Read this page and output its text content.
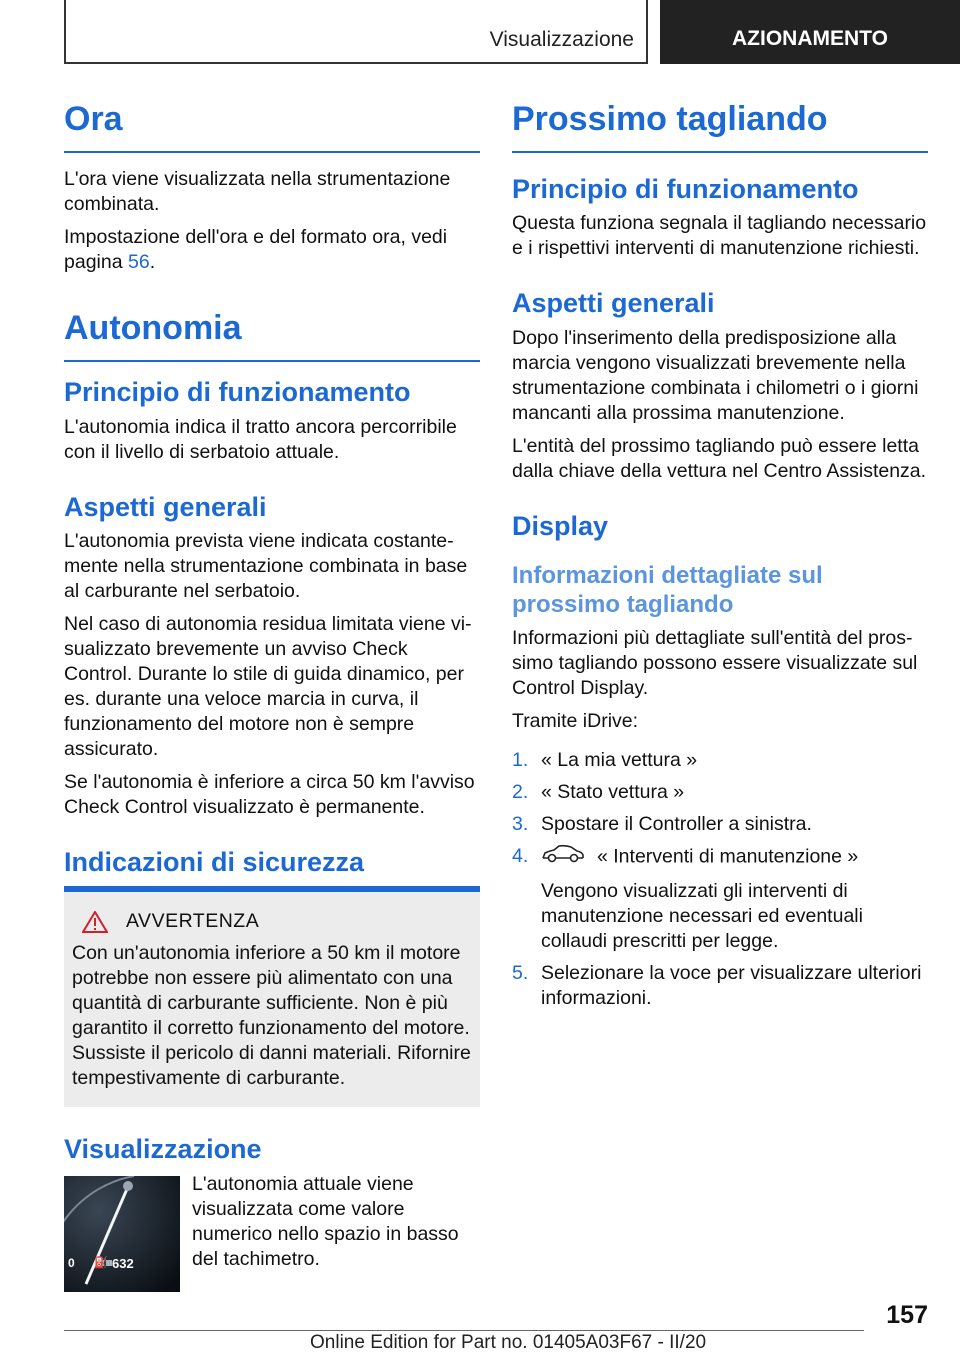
Visualizzazione	AZIONAMENTO
Ora

L'ora viene visualizzata nella strumentazione combinata.

Impostazione dell'ora e del formato ora, vedi pagina 56.

Autonomia
Principio di funzionamento

L'autonomia indica il tratto ancora percorribile con il livello di serbatoio attuale.

Aspetti generali

L'autonomia prevista viene indicata costantemente nella strumentazione combinata in base al carburante nel serbatoio.

Nel caso di autonomia residua limitata viene visualizzato brevemente un avviso Check Control. Durante lo stile di guida dinamico, per es. durante una veloce marcia in curva, il funzionamento del motore non è sempre assicurato.

Se l'autonomia è inferiore a circa 50 km l'avviso Check Control visualizzato è permanente.

Indicazioni di sicurezza
AVVERTENZA

Con un'autonomia inferiore a 50 km il motore potrebbe non essere più alimentato con una quantità di carburante sufficiente. Non è più garantito il corretto funzionamento del motore. Sussiste il pericolo di danni materiali. Rifornire tempestivamente di carburante.

Visualizzazione
0 ⛽ 632

L'autonomia attuale viene visualizzata come valore numerico nello spazio in basso del tachimetro.

Prossimo tagliando
Principio di funzionamento

Questa funziona segnala il tagliando necessario e i rispettivi interventi di manutenzione richiesti.

Aspetti generali

Dopo l'inserimento della predisposizione alla marcia vengono visualizzati brevemente nella strumentazione combinata i chilometri o i giorni mancanti alla prossima manutenzione.

L'entità del prossimo tagliando può essere letta dalla chiave della vettura nel Centro Assistenza.

Display
Informazioni dettagliate sul prossimo tagliando

Informazioni più dettagliate sull'entità del prossimo tagliando possono essere visualizzate sul Control Display.

Tramite iDrive:

1. « La mia vettura »
2. « Stato vettura »
3. Spostare il Controller a sinistra.
4.	« Interventi di manutenzione »
Vengono visualizzati gli interventi di manutenzione necessari ed eventuali collaudi prescritti per legge.
5. Selezionare la voce per visualizzare ulteriori informazioni.
157
Online Edition for Part no. 01405A03F67 - II/20
